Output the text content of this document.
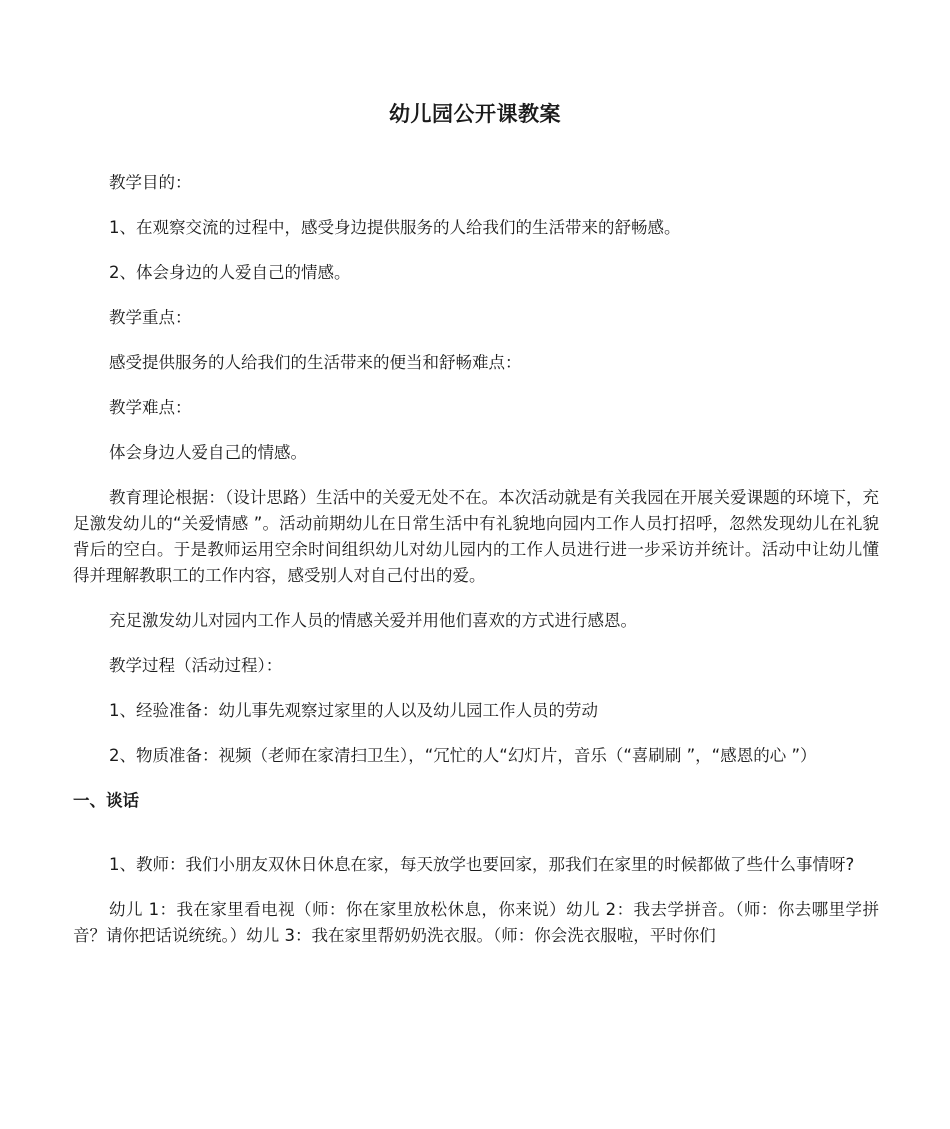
幼儿园公开课教案

教学目的：

1、在观察交流的过程中，感受身边提供服务的人给我们的生活带来的舒畅感。

2、体会身边的人爱自己的情感。

教学重点：

感受提供服务的人给我们的生活带来的便当和舒畅难点：

教学难点：

体会身边人爱自己的情感。

教育理论根据：（设计思路）生活中的关爱无处不在。本次活动就是有关我园在开展关爱课题的环境下，充足激发幼儿的“关爱情感 ”。活动前期幼儿在日常生活中有礼貌地向园内工作人员打招呼，忽然发现幼儿在礼貌背后的空白。于是教师运用空余时间组织幼儿对幼儿园内的工作人员进行进一步采访并统计。活动中让幼儿懂得并理解教职工的工作内容，感受别人对自己付出的爱。

充足激发幼儿对园内工作人员的情感关爱并用他们喜欢的方式进行感恩。

教学过程（活动过程）：

1、经验准备：幼儿事先观察过家里的人以及幼儿园工作人员的劳动

2、物质准备：视频（老师在家清扫卫生），“冗忙的人“幻灯片，音乐（“喜刷刷 ”，“感恩的心 ”）

一、谈话

1、教师：我们小朋友双休日休息在家，每天放学也要回家，那我们在家里的时候都做了些什么事情呀?

幼儿 1：我在家里看电视（师：你在家里放松休息，你来说）幼儿 2：我去学拼音。（师：你去哪里学拼音？请你把话说统统。）幼儿 3：我在家里帮奶奶洗衣服。（师：你会洗衣服啦，平时你们
